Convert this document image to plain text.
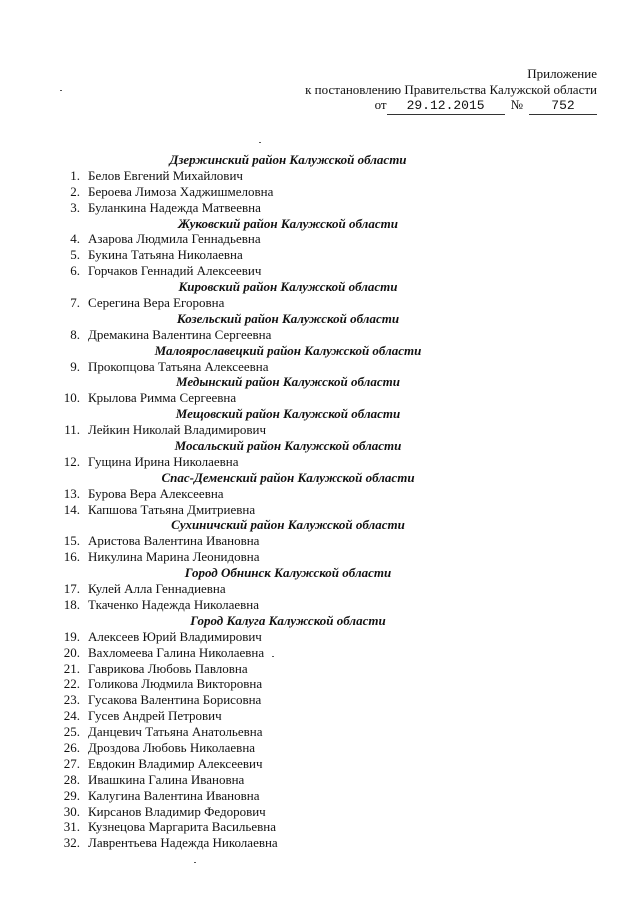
Приложение
к постановлению Правительства Калужской области
от 29.12.2015 № 752
Дзержинский район Калужской области
1. Белов Евгений Михайлович
2. Бероева Лимоза Хаджишмеловна
3. Буланкина Надежда Матвеевна
Жуковский район Калужской области
4. Азарова Людмила Геннадьевна
5. Букина Татьяна Николаевна
6. Горчаков Геннадий Алексеевич
Кировский район Калужской области
7. Серегина Вера Егоровна
Козельский район Калужской области
8. Дремакина Валентина Сергеевна
Малоярославецкий район Калужской области
9. Прокопцова Татьяна Алексеевна
Медынский район Калужской области
10. Крылова Римма Сергеевна
Мещовский район Калужской области
11. Лейкин Николай Владимирович
Мосальский район Калужской области
12. Гущина Ирина Николаевна
Спас-Деменский район Калужской области
13. Бурова Вера Алексеевна
14. Капшова Татьяна Дмитриевна
Сухиничский район Калужской области
15. Аристова Валентина Ивановна
16. Никулина Марина Леонидовна
Город Обнинск Калужской области
17. Кулей Алла Геннадиевна
18. Ткаченко Надежда Николаевна
Город Калуга Калужской области
19. Алексеев Юрий Владимирович
20. Вахломеева Галина Николаевна
21. Гаврикова Любовь Павловна
22. Голикова Людмила Викторовна
23. Гусакова Валентина Борисовна
24. Гусев Андрей Петрович
25. Данцевич Татьяна Анатольевна
26. Дроздова Любовь Николаевна
27. Евдокин Владимир Алексеевич
28. Ивашкина Галина Ивановна
29. Калугина Валентина Ивановна
30. Кирсанов Владимир Федорович
31. Кузнецова Маргарита Васильевна
32. Лаврентьева Надежда Николаевна
